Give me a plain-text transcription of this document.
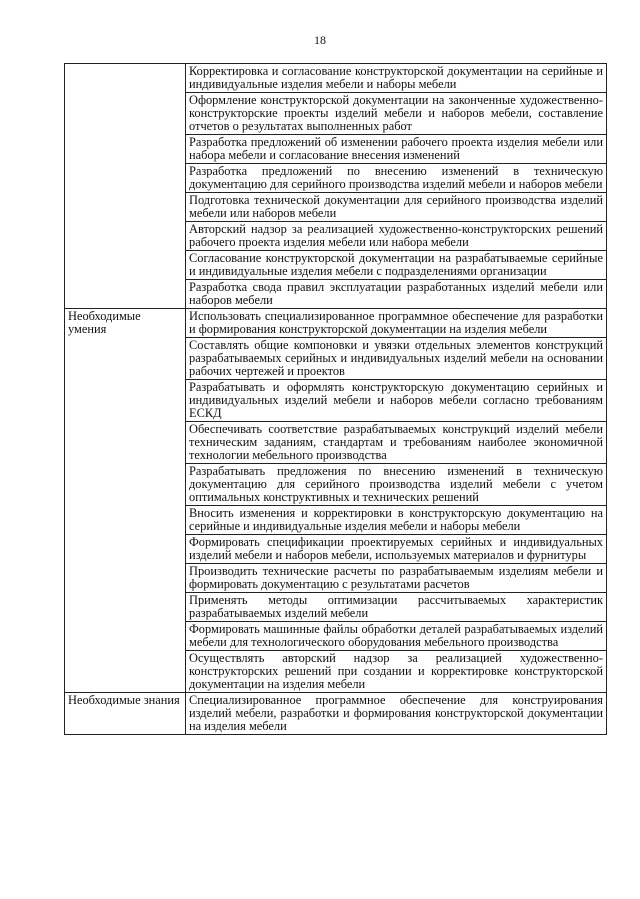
18
	Корректировка и согласование конструкторской документации на серийные и индивидуальные изделия мебели и наборы мебели
	Оформление конструкторской документации на законченные художественно-конструкторские проекты изделий мебели и наборов мебели, составление отчетов о результатах выполненных работ
	Разработка предложений об изменении рабочего проекта изделия мебели или набора мебели и согласование внесения изменений
	Разработка предложений по внесению изменений в техническую документацию для серийного производства изделий мебели и наборов мебели
	Подготовка технической документации для серийного производства изделий мебели или наборов мебели
	Авторский надзор за реализацией художественно-конструкторских решений рабочего проекта изделия мебели или набора мебели
	Согласование конструкторской документации на разрабатываемые серийные и индивидуальные изделия мебели с подразделениями организации
	Разработка свода правил эксплуатации разработанных изделий мебели или наборов мебели
Необходимые умения	Использовать специализированное программное обеспечение для разработки и формирования конструкторской документации на изделия мебели
	Составлять общие компоновки и увязки отдельных элементов конструкций разрабатываемых серийных и индивидуальных изделий мебели на основании рабочих чертежей и проектов
	Разрабатывать и оформлять конструкторскую документацию серийных и индивидуальных изделий мебели и наборов мебели согласно требованиям ЕСКД
	Обеспечивать соответствие разрабатываемых конструкций изделий мебели техническим заданиям, стандартам и требованиям наиболее экономичной технологии мебельного производства
	Разрабатывать предложения по внесению изменений в техническую документацию для серийного производства изделий мебели с учетом оптимальных конструктивных и технических решений
	Вносить изменения и корректировки в конструкторскую документацию на серийные и индивидуальные изделия мебели и наборы мебели
	Формировать спецификации проектируемых серийных и индивидуальных изделий мебели и наборов мебели, используемых материалов и фурнитуры
	Производить технические расчеты по разрабатываемым изделиям мебели и формировать документацию с результатами расчетов
	Применять методы оптимизации рассчитываемых характеристик разрабатываемых изделий мебели
	Формировать машинные файлы обработки деталей разрабатываемых изделий мебели для технологического оборудования мебельного производства
	Осуществлять авторский надзор за реализацией художественно-конструкторских решений при создании и корректировке конструкторской документации на изделия мебели
Необходимые знания	Специализированное программное обеспечение для конструирования изделий мебели, разработки и формирования конструкторской документации на изделия мебели
